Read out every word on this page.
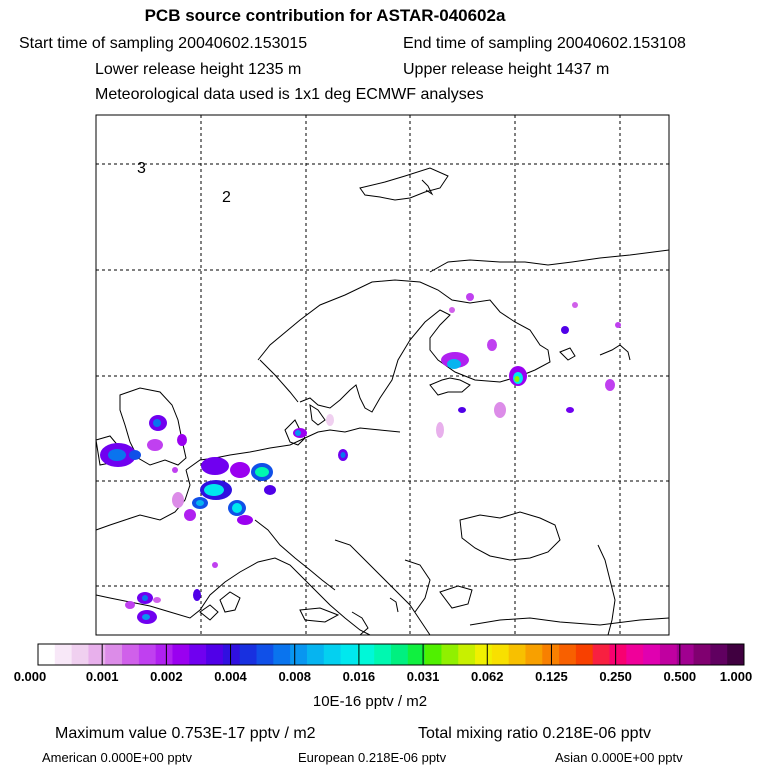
PCB source contribution for ASTAR-040602a
Start time of sampling 20040602.153015	End time of sampling 20040602.153108
Lower release height 1235 m	Upper release height 1437 m
Meteorological data used is 1x1 deg ECMWF analyses
3
2
0.000	0.001	0.002	0.004	0.008	0.016	0.031	0.062	0.125	0.250	0.500	1.000
10E-16 pptv / m2
Maximum value 0.753E-17 pptv / m2	Total mixing ratio 0.218E-06 pptv
American 0.000E+00 pptv	European 0.218E-06 pptv	Asian 0.000E+00 pptv
